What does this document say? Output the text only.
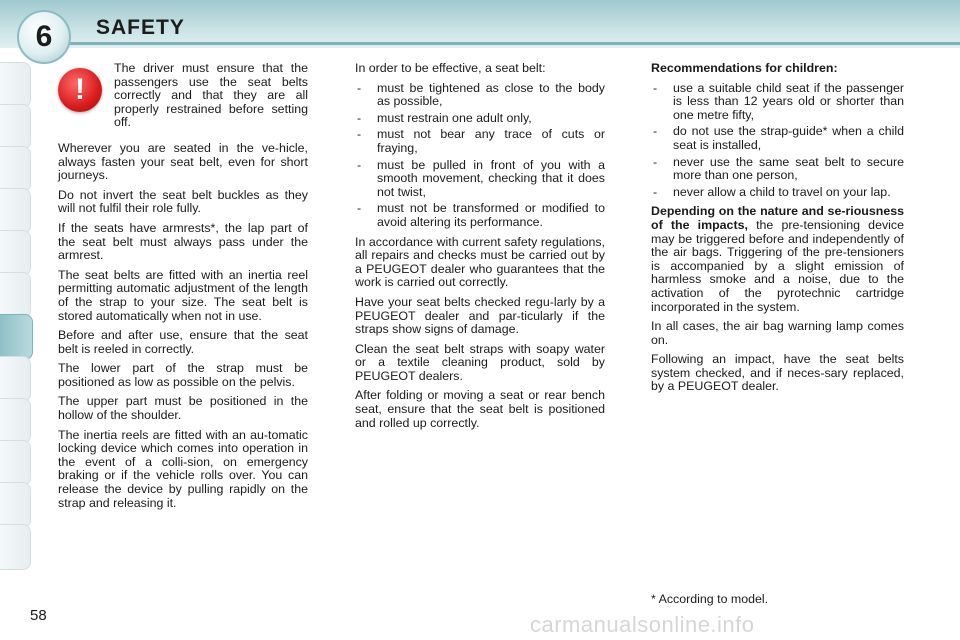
6 SAFETY
!

The driver must ensure that the passengers use the seat belts correctly and that they are all properly restrained before setting off.

Wherever you are seated in the ve-hicle, always fasten your seat belt, even for short journeys.

Do not invert the seat belt buckles as they will not fulfil their role fully.

If the seats have armrests*, the lap part of the seat belt must always pass under the armrest.

The seat belts are fitted with an inertia reel permitting automatic adjustment of the length of the strap to your size. The seat belt is stored automatically when not in use.

Before and after use, ensure that the seat belt is reeled in correctly.

The lower part of the strap must be positioned as low as possible on the pelvis.

The upper part must be positioned in the hollow of the shoulder.

The inertia reels are fitted with an au-tomatic locking device which comes into operation in the event of a colli-sion, on emergency braking or if the vehicle rolls over. You can release the device by pulling rapidly on the strap and releasing it.

In order to be effective, a seat belt:

- must be tightened as close to the body as possible,
- must restrain one adult only,
- must not bear any trace of cuts or fraying,
- must be pulled in front of you with a smooth movement, checking that it does not twist,
- must not be transformed or modified to avoid altering its performance.

In accordance with current safety regulations, all repairs and checks must be carried out by a PEUGEOT dealer who guarantees that the work is carried out correctly.

Have your seat belts checked regu-larly by a PEUGEOT dealer and par-ticularly if the straps show signs of damage.

Clean the seat belt straps with soapy water or a textile cleaning product, sold by PEUGEOT dealers.

After folding or moving a seat or rear bench seat, ensure that the seat belt is positioned and rolled up correctly.

Recommendations for children:

- use a suitable child seat if the passenger is less than 12 years old or shorter than one metre fifty,
- do not use the strap-guide* when a child seat is installed,
- never use the same seat belt to secure more than one person,
- never allow a child to travel on your lap.

Depending on the nature and se-riousness of the impacts, the pre-tensioning device may be triggered before and independently of the air bags. Triggering of the pre-tensioners is accompanied by a slight emission of harmless smoke and a noise, due to the activation of the pyrotechnic cartridge incorporated in the system.

In all cases, the air bag warning lamp comes on.

Following an impact, have the seat belts system checked, and if neces-sary replaced, by a PEUGEOT dealer.

* According to model.
58	carmanualsonline.info
